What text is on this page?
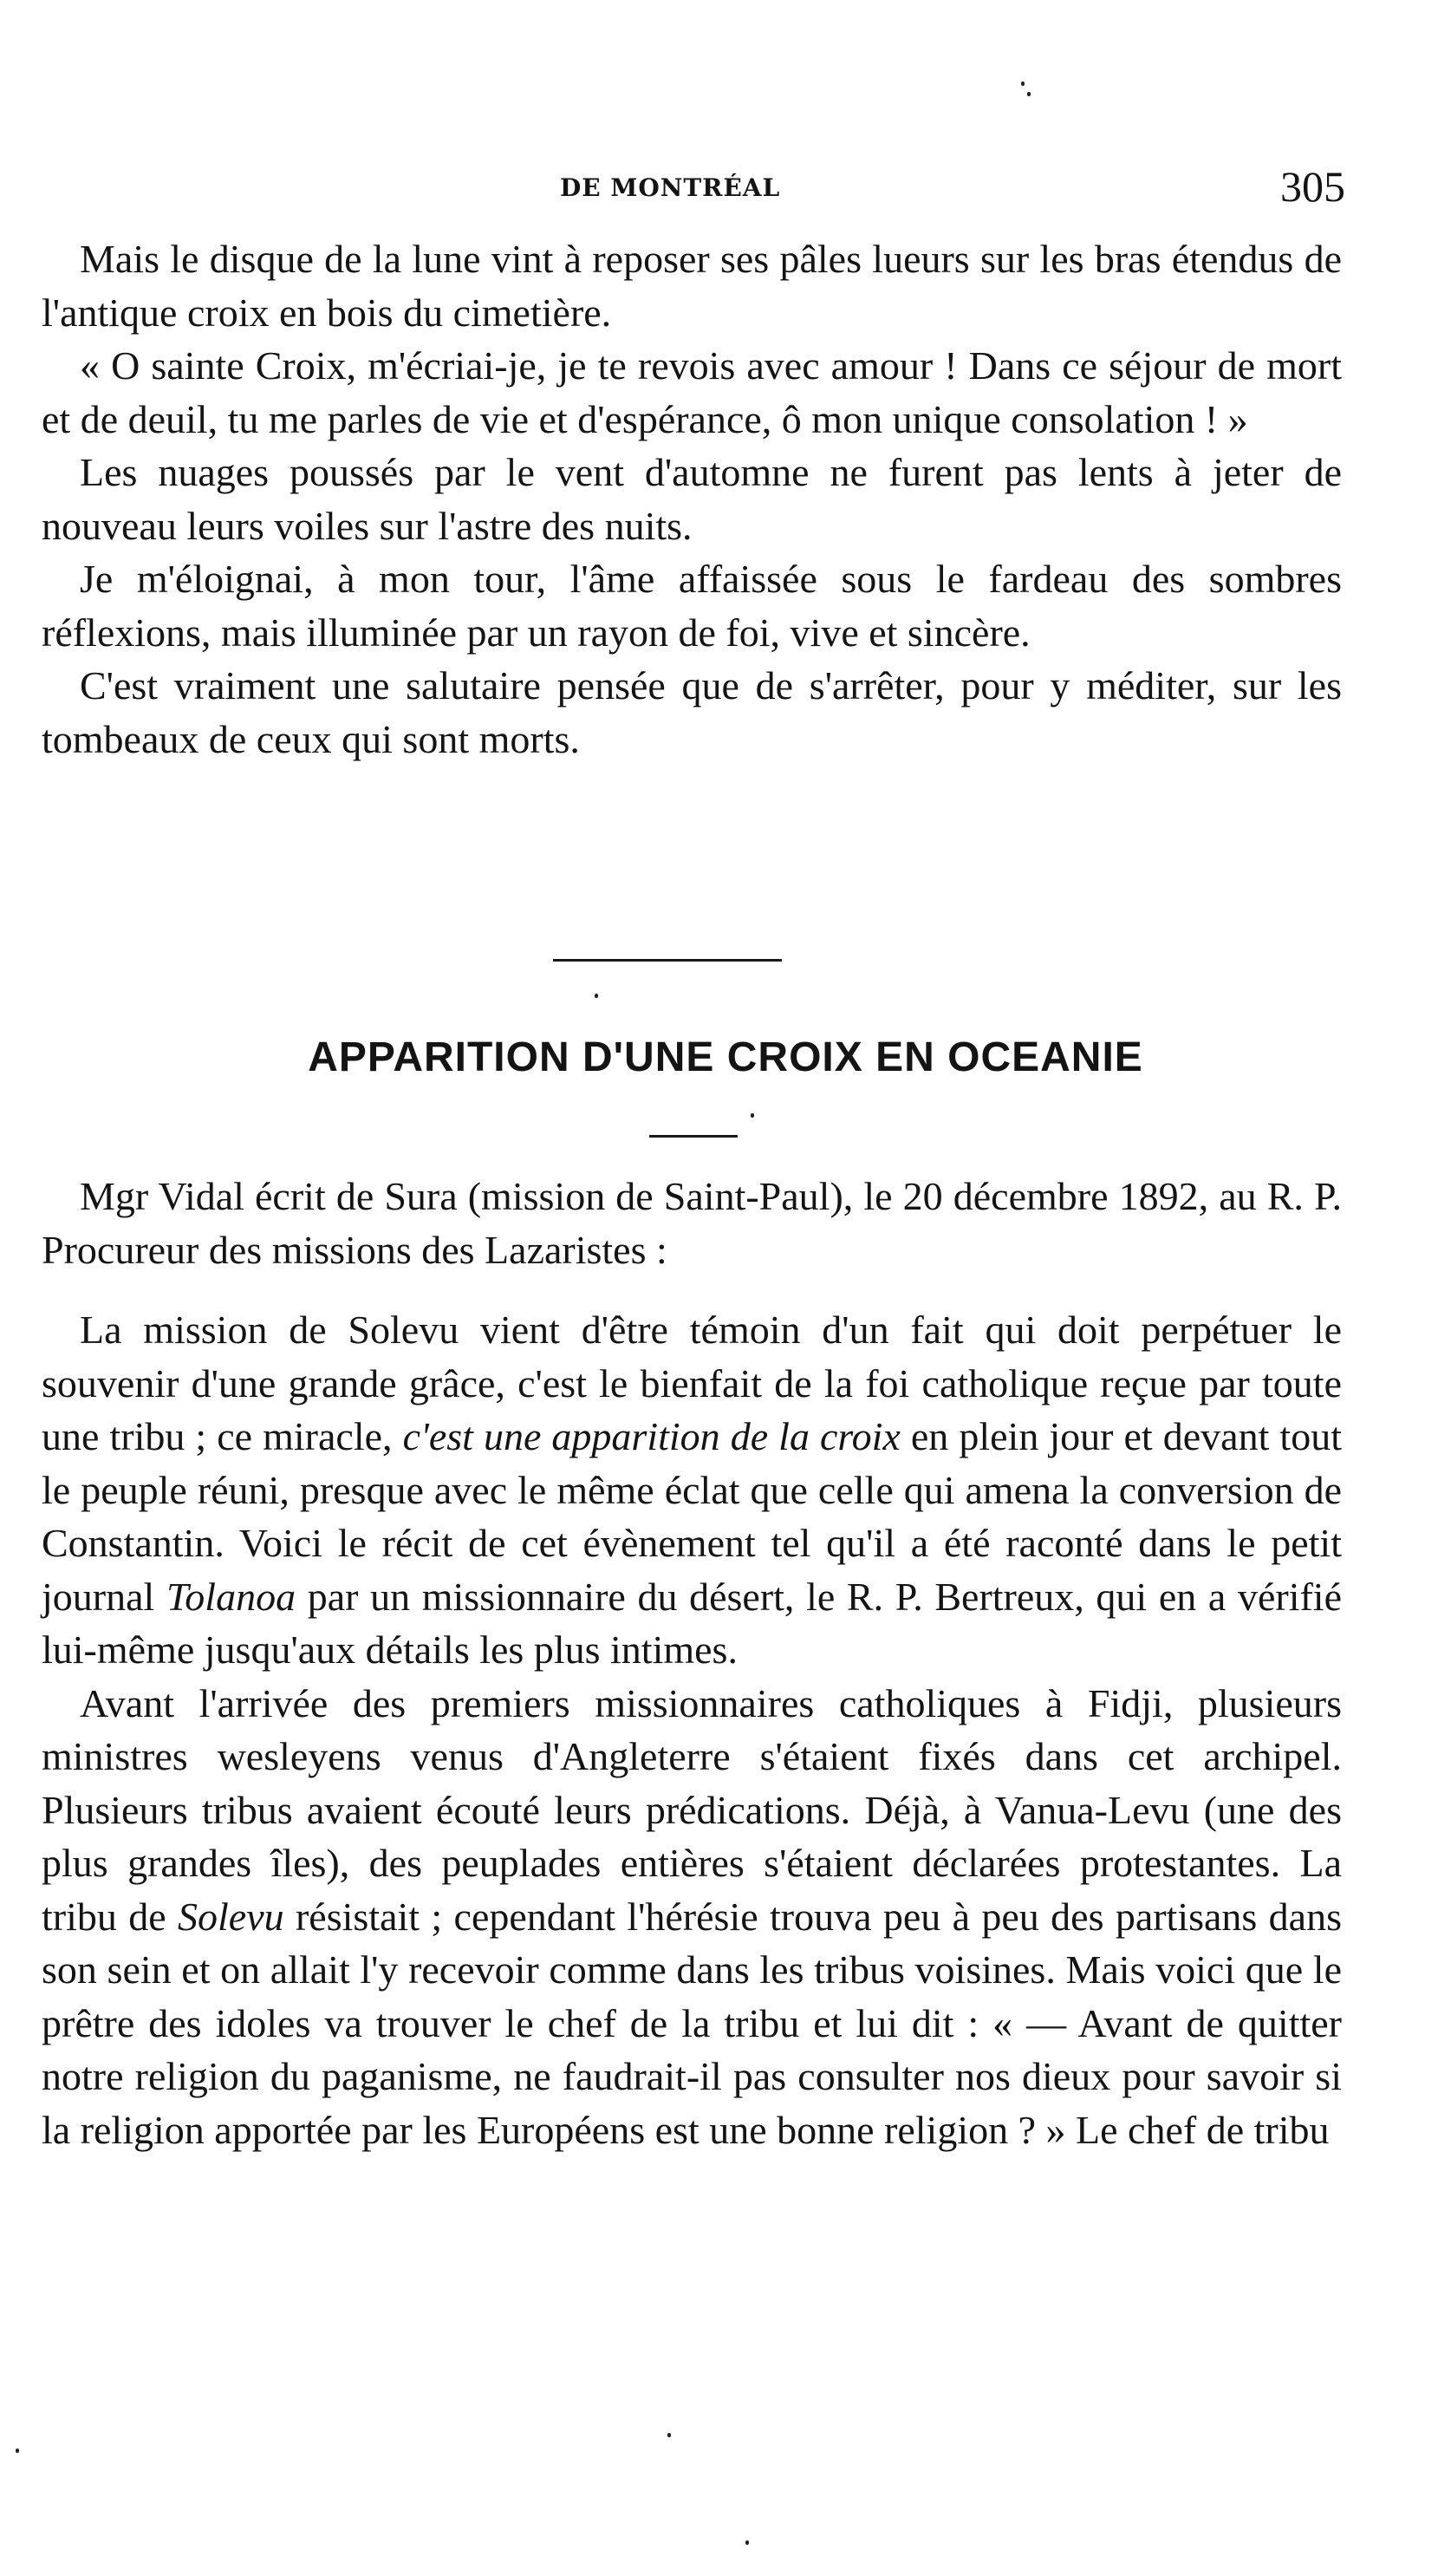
DE MONTRÉAL	305

Mais le disque de la lune vint à reposer ses pâles lueurs sur les bras étendus de l'antique croix en bois du cimetière.

« O sainte Croix, m'écriai-je, je te revois avec amour ! Dans ce séjour de mort et de deuil, tu me parles de vie et d'espérance, ô mon unique consolation ! »

Les nuages poussés par le vent d'automne ne furent pas lents à jeter de nouveau leurs voiles sur l'astre des nuits.

Je m'éloignai, à mon tour, l'âme affaissée sous le fardeau des sombres réflexions, mais illuminée par un rayon de foi, vive et sincère.

C'est vraiment une salutaire pensée que de s'arrêter, pour y méditer, sur les tombeaux de ceux qui sont morts.

APPARITION D'UNE CROIX EN OCEANIE

Mgr Vidal écrit de Sura (mission de Saint-Paul), le 20 décembre 1892, au R. P. Procureur des missions des Lazaristes :

La mission de Solevu vient d'être témoin d'un fait qui doit perpétuer le souvenir d'une grande grâce, c'est le bienfait de la foi catholique reçue par toute une tribu ; ce miracle, c'est une apparition de la croix en plein jour et devant tout le peuple réuni, presque avec le même éclat que celle qui amena la conversion de Constantin. Voici le récit de cet évènement tel qu'il a été raconté dans le petit journal Tolanoa par un missionnaire du désert, le R. P. Bertreux, qui en a vérifié lui-même jusqu'aux détails les plus intimes.

Avant l'arrivée des premiers missionnaires catholiques à Fidji, plusieurs ministres wesleyens venus d'Angleterre s'étaient fixés dans cet archipel. Plusieurs tribus avaient écouté leurs prédications. Déjà, à Vanua-Levu (une des plus grandes îles), des peuplades entières s'étaient déclarées protestantes. La tribu de Solevu résistait ; cependant l'hérésie trouva peu à peu des partisans dans son sein et on allait l'y recevoir comme dans les tribus voisines. Mais voici que le prêtre des idoles va trouver le chef de la tribu et lui dit : « — Avant de quitter notre religion du paganisme, ne faudrait-il pas consulter nos dieux pour savoir si la religion apportée par les Européens est une bonne religion ? » Le chef de tribu
